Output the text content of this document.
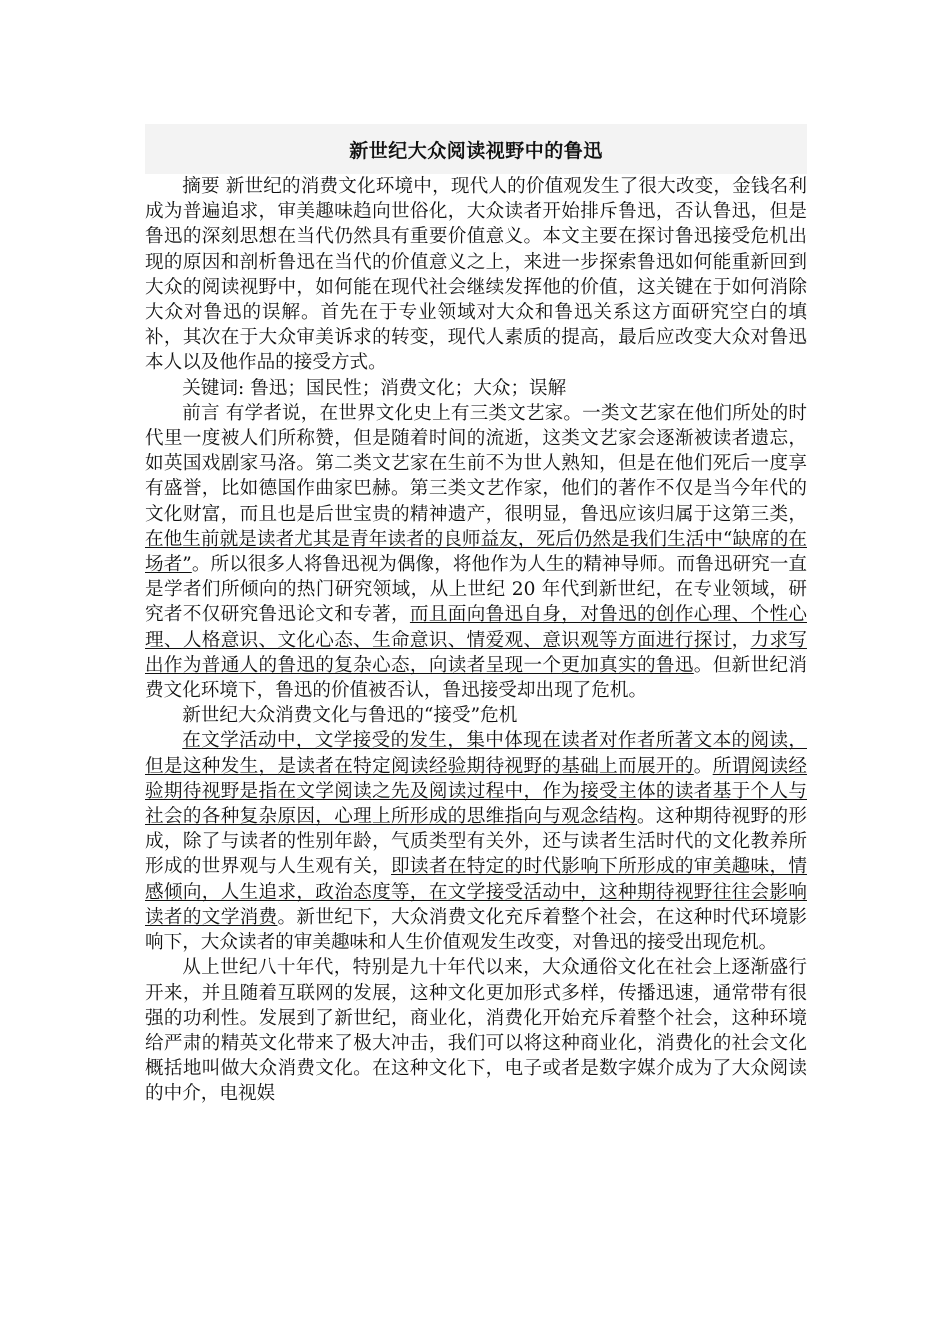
新世纪大众阅读视野中的鲁迅

摘要 新世纪的消费文化环境中，现代人的价值观发生了很大改变，金钱名利成为普遍追求，审美趣味趋向世俗化，大众读者开始排斥鲁迅，否认鲁迅，但是鲁迅的深刻思想在当代仍然具有重要价值意义。本文主要在探讨鲁迅接受危机出现的原因和剖析鲁迅在当代的价值意义之上，来进一步探索鲁迅如何能重新回到大众的阅读视野中，如何能在现代社会继续发挥他的价值，这关键在于如何消除大众对鲁迅的误解。首先在于专业领域对大众和鲁迅关系这方面研究空白的填补，其次在于大众审美诉求的转变，现代人素质的提高，最后应改变大众对鲁迅本人以及他作品的接受方式。

关键词: 鲁迅；国民性；消费文化；大众；误解

前言 有学者说，在世界文化史上有三类文艺家。一类文艺家在他们所处的时代里一度被人们所称赞，但是随着时间的流逝，这类文艺家会逐渐被读者遗忘，如英国戏剧家马洛。第二类文艺家在生前不为世人熟知，但是在他们死后一度享有盛誉，比如德国作曲家巴赫。第三类文艺作家，他们的著作不仅是当今年代的文化财富，而且也是后世宝贵的精神遗产，很明显，鲁迅应该归属于这第三类，在他生前就是读者尤其是青年读者的良师益友，死后仍然是我们生活中“缺席的在场者”。所以很多人将鲁迅视为偶像，将他作为人生的精神导师。而鲁迅研究一直是学者们所倾向的热门研究领域，从上世纪 20 年代到新世纪，在专业领域，研究者不仅研究鲁迅论文和专著，而且面向鲁迅自身，对鲁迅的创作心理、个性心理、人格意识、文化心态、生命意识、情爱观、意识观等方面进行探讨，力求写出作为普通人的鲁迅的复杂心态，向读者呈现一个更加真实的鲁迅。但新世纪消费文化环境下，鲁迅的价值被否认，鲁迅接受却出现了危机。

新世纪大众消费文化与鲁迅的“接受”危机

在文学活动中，文学接受的发生，集中体现在读者对作者所著文本的阅读，但是这种发生，是读者在特定阅读经验期待视野的基础上而展开的。所谓阅读经验期待视野是指在文学阅读之先及阅读过程中，作为接受主体的读者基于个人与社会的各种复杂原因，心理上所形成的思维指向与观念结构。这种期待视野的形成，除了与读者的性别年龄，气质类型有关外，还与读者生活时代的文化教养所形成的世界观与人生观有关，即读者在特定的时代影响下所形成的审美趣味，情感倾向，人生追求，政治态度等，在文学接受活动中，这种期待视野往往会影响读者的文学消费。新世纪下，大众消费文化充斥着整个社会，在这种时代环境影响下，大众读者的审美趣味和人生价值观发生改变，对鲁迅的接受出现危机。

从上世纪八十年代，特别是九十年代以来，大众通俗文化在社会上逐渐盛行开来，并且随着互联网的发展，这种文化更加形式多样，传播迅速，通常带有很强的功利性。发展到了新世纪，商业化，消费化开始充斥着整个社会，这种环境给严肃的精英文化带来了极大冲击，我们可以将这种商业化，消费化的社会文化概括地叫做大众消费文化。在这种文化下，电子或者是数字媒介成为了大众阅读的中介，电视娱
